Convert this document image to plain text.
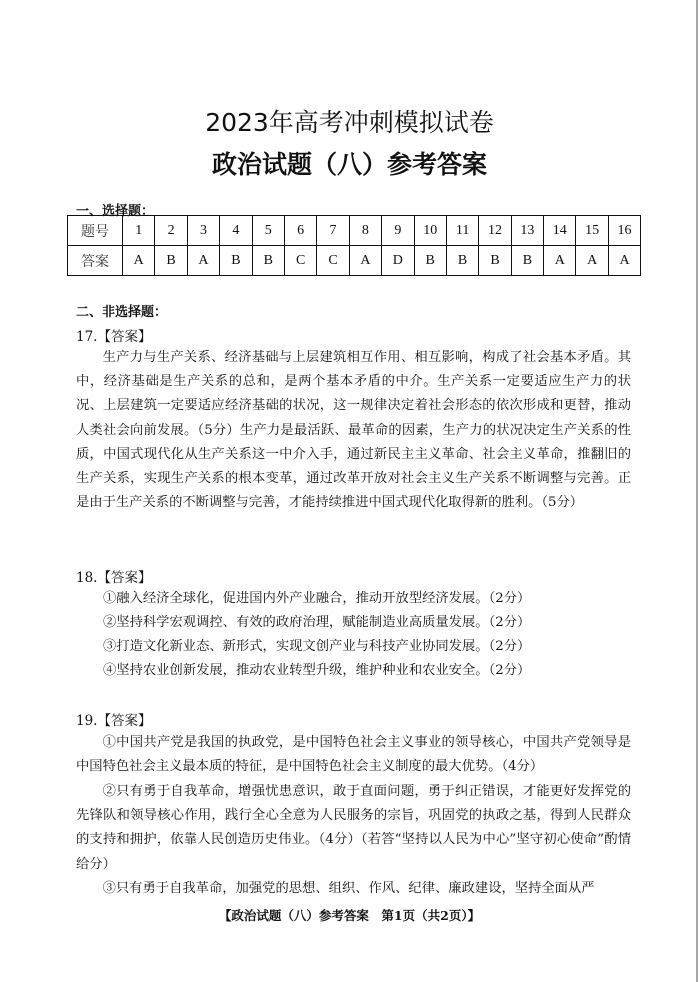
2023年高考冲刺模拟试卷
政治试题（八）参考答案
一、选择题：
题号	1	2	3	4	5	6	7	8	9	10	11	12	13	14	15	16
答案	A	B	A	B	B	C	C	A	D	B	B	B	B	A	A	A
二、非选择题：
17.【答案】
生产力与生产关系、经济基础与上层建筑相互作用、相互影响，构成了社会基本矛盾。其中，经济基础是生产关系的总和，是两个基本矛盾的中介。生产关系一定要适应生产力的状况、上层建筑一定要适应经济基础的状况，这一规律决定着社会形态的依次形成和更替，推动人类社会向前发展。（5分）生产力是最活跃、最革命的因素，生产力的状况决定生产关系的性质，中国式现代化从生产关系这一中介入手，通过新民主主义革命、社会主义革命，推翻旧的生产关系，实现生产关系的根本变革，通过改革开放对社会主义生产关系不断调整与完善。正是由于生产关系的不断调整与完善，才能持续推进中国式现代化取得新的胜利。（5分）
18.【答案】
①融入经济全球化，促进国内外产业融合，推动开放型经济发展。（2分）
②坚持科学宏观调控、有效的政府治理，赋能制造业高质量发展。（2分）
③打造文化新业态、新形式，实现文创产业与科技产业协同发展。（2分）
④坚持农业创新发展，推动农业转型升级，维护种业和农业安全。（2分）
19.【答案】
①中国共产党是我国的执政党，是中国特色社会主义事业的领导核心，中国共产党领导是中国特色社会主义最本质的特征，是中国特色社会主义制度的最大优势。（4分）
②只有勇于自我革命，增强忧患意识，敢于直面问题，勇于纠正错误，才能更好发挥党的先锋队和领导核心作用，践行全心全意为人民服务的宗旨，巩固党的执政之基，得到人民群众的支持和拥护，依靠人民创造历史伟业。（4分）（若答“坚持以人民为中心”坚守初心使命”酌情给分）
③只有勇于自我革命，加强党的思想、组织、作风、纪律、廉政建设，坚持全面从严
【政治试题（八）参考答案　第1页（共2页）】
